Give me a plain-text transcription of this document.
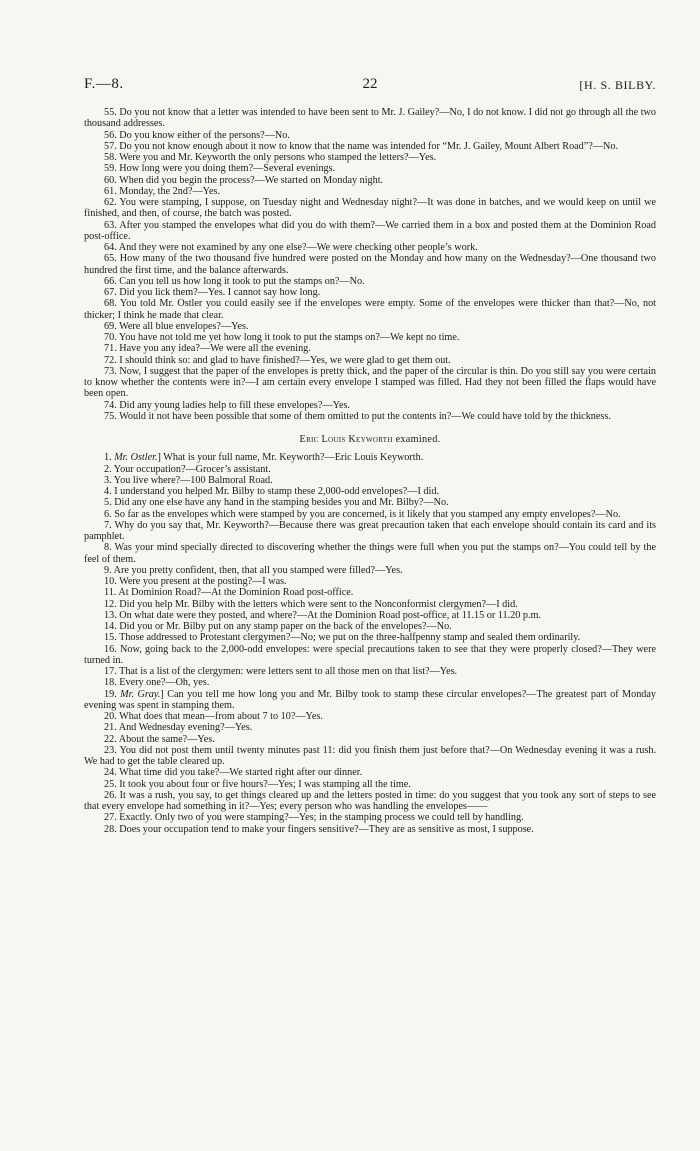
F.—8.	22	[H. S. BILBY.

55. Do you not know that a letter was intended to have been sent to Mr. J. Gailey?—No, I do not know. I did not go through all the two thousand addresses.

56. Do you know either of the persons?—No.

57. Do you not know enough about it now to know that the name was intended for “Mr. J. Gailey, Mount Albert Road”?—No.

58. Were you and Mr. Keyworth the only persons who stamped the letters?—Yes.

59. How long were you doing them?—Several evenings.

60. When did you begin the process?—We started on Monday night.

61. Monday, the 2nd?—Yes.

62. You were stamping, I suppose, on Tuesday night and Wednesday night?—It was done in batches, and we would keep on until we finished, and then, of course, the batch was posted.

63. After you stamped the envelopes what did you do with them?—We carried them in a box and posted them at the Dominion Road post-office.

64. And they were not examined by any one else?—We were checking other people’s work.

65. How many of the two thousand five hundred were posted on the Monday and how many on the Wednesday?—One thousand two hundred the first time, and the balance afterwards.

66. Can you tell us how long it took to put the stamps on?—No.

67. Did you lick them?—Yes. I cannot say how long.

68. You told Mr. Ostler you could easily see if the envelopes were empty. Some of the envelopes were thicker than that?—No, not thicker; I think he made that clear.

69. Were all blue envelopes?—Yes.

70. You have not told me yet how long it took to put the stamps on?—We kept no time.

71. Have you any idea?—We were all the evening.

72. I should think so: and glad to have finished?—Yes, we were glad to get them out.

73. Now, I suggest that the paper of the envelopes is pretty thick, and the paper of the circular is thin. Do you still say you were certain to know whether the contents were in?—I am certain every envelope I stamped was filled. Had they not been filled the flaps would have been open.

74. Did any young ladies help to fill these envelopes?—Yes.

75. Would it not have been possible that some of them omitted to put the contents in?—We could have told by the thickness.

Eric Louis Keyworth examined.

1. Mr. Ostler.] What is your full name, Mr. Keyworth?—Eric Louis Keyworth.

2. Your occupation?—Grocer’s assistant.

3. You live where?—100 Balmoral Road.

4. I understand you helped Mr. Bilby to stamp these 2,000-odd envelopes?—I did.

5. Did any one else have any hand in the stamping besides you and Mr. Bilby?—No.

6. So far as the envelopes which were stamped by you are concerned, is it likely that you stamped any empty envelopes?—No.

7. Why do you say that, Mr. Keyworth?—Because there was great precaution taken that each envelope should contain its card and its pamphlet.

8. Was your mind specially directed to discovering whether the things were full when you put the stamps on?—You could tell by the feel of them.

9. Are you pretty confident, then, that all you stamped were filled?—Yes.

10. Were you present at the posting?—I was.

11. At Dominion Road?—At the Dominion Road post-office.

12. Did you help Mr. Bilby with the letters which were sent to the Nonconformist clergymen?—I did.

13. On what date were they posted, and where?—At the Dominion Road post-office, at 11.15 or 11.20 p.m.

14. Did you or Mr. Bilby put on any stamp paper on the back of the envelopes?—No.

15. Those addressed to Protestant clergymen?—No; we put on the three-halfpenny stamp and sealed them ordinarily.

16. Now, going back to the 2,000-odd envelopes: were special precautions taken to see that they were properly closed?—They were turned in.

17. That is a list of the clergymen: were letters sent to all those men on that list?—Yes.

18. Every one?—Oh, yes.

19. Mr. Gray.] Can you tell me how long you and Mr. Bilby took to stamp these circular envelopes?—The greatest part of Monday evening was spent in stamping them.

20. What does that mean—from about 7 to 10?—Yes.

21. And Wednesday evening?—Yes.

22. About the same?—Yes.

23. You did not post them until twenty minutes past 11: did you finish them just before that?—On Wednesday evening it was a rush. We had to get the table cleared up.

24. What time did you take?—We started right after our dinner.

25. It took you about four or five hours?—Yes; I was stamping all the time.

26. It was a rush, you say, to get things cleared up and the letters posted in time: do you suggest that you took any sort of steps to see that every envelope had something in it?—Yes; every person who was handling the envelopes——

27. Exactly. Only two of you were stamping?—Yes; in the stamping process we could tell by handling.

28. Does your occupation tend to make your fingers sensitive?—They are as sensitive as most, I suppose.
